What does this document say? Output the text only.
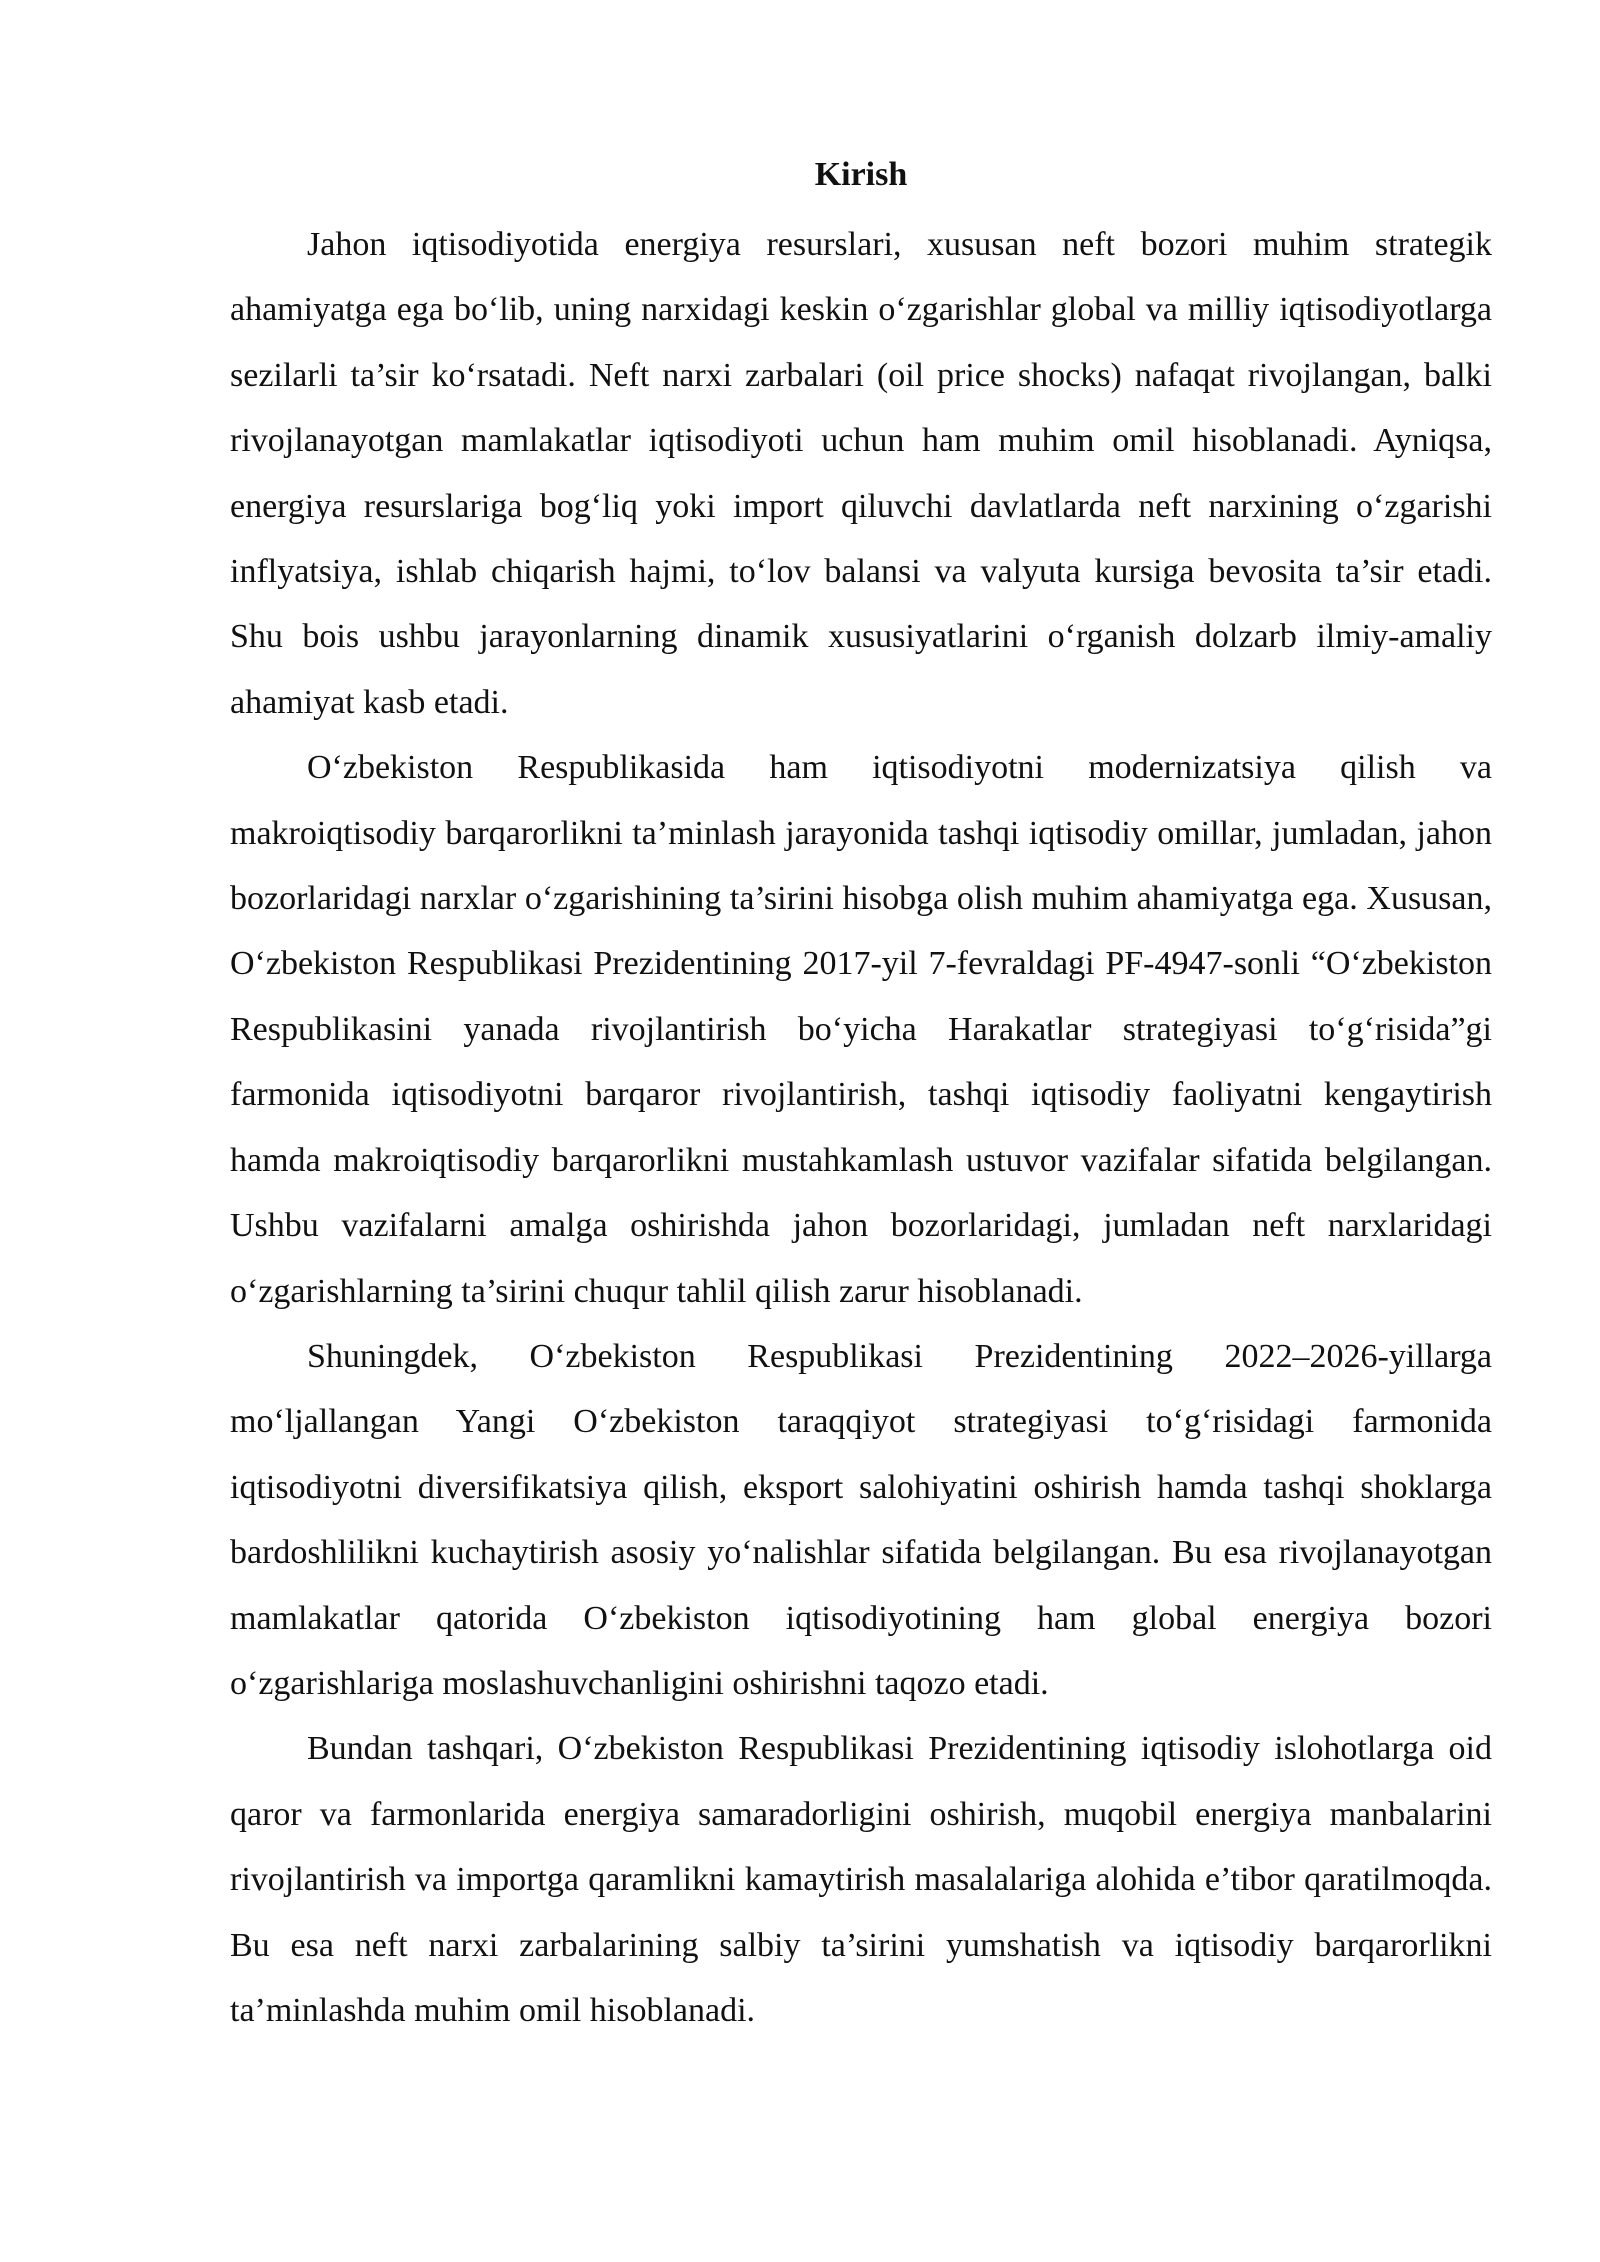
Kirish

Jahon iqtisodiyotida energiya resurslari, xususan neft bozori muhim strategik ahamiyatga ega bo‘lib, uning narxidagi keskin o‘zgarishlar global va milliy iqtisodiyotlarga sezilarli ta’sir ko‘rsatadi. Neft narxi zarbalari (oil price shocks) nafaqat rivojlangan, balki rivojlanayotgan mamlakatlar iqtisodiyoti uchun ham muhim omil hisoblanadi. Ayniqsa, energiya resurslariga bog‘liq yoki import qiluvchi davlatlarda neft narxining o‘zgarishi inflyatsiya, ishlab chiqarish hajmi, to‘lov balansi va valyuta kursiga bevosita ta’sir etadi. Shu bois ushbu jarayonlarning dinamik xususiyatlarini o‘rganish dolzarb ilmiy-amaliy ahamiyat kasb etadi.

O‘zbekiston Respublikasida ham iqtisodiyotni modernizatsiya qilish va makroiqtisodiy barqarorlikni ta’minlash jarayonida tashqi iqtisodiy omillar, jumladan, jahon bozorlaridagi narxlar o‘zgarishining ta’sirini hisobga olish muhim ahamiyatga ega. Xususan, O‘zbekiston Respublikasi Prezidentining 2017-yil 7-fevraldagi PF-4947-sonli “O‘zbekiston Respublikasini yanada rivojlantirish bo‘yicha Harakatlar strategiyasi to‘g‘risida”gi farmonida iqtisodiyotni barqaror rivojlantirish, tashqi iqtisodiy faoliyatni kengaytirish hamda makroiqtisodiy barqarorlikni mustahkamlash ustuvor vazifalar sifatida belgilangan. Ushbu vazifalarni amalga oshirishda jahon bozorlaridagi, jumladan neft narxlaridagi o‘zgarishlarning ta’sirini chuqur tahlil qilish zarur hisoblanadi.

Shuningdek, O‘zbekiston Respublikasi Prezidentining 2022–2026-yillarga mo‘ljallangan Yangi O‘zbekiston taraqqiyot strategiyasi to‘g‘risidagi farmonida iqtisodiyotni diversifikatsiya qilish, eksport salohiyatini oshirish hamda tashqi shoklarga bardoshlilikni kuchaytirish asosiy yo‘nalishlar sifatida belgilangan. Bu esa rivojlanayotgan mamlakatlar qatorida O‘zbekiston iqtisodiyotining ham global energiya bozori o‘zgarishlariga moslashuvchanligini oshirishni taqozo etadi.

Bundan tashqari, O‘zbekiston Respublikasi Prezidentining iqtisodiy islohotlarga oid qaror va farmonlarida energiya samaradorligini oshirish, muqobil energiya manbalarini rivojlantirish va importga qaramlikni kamaytirish masalalariga alohida e’tibor qaratilmoqda. Bu esa neft narxi zarbalarining salbiy ta’sirini yumshatish va iqtisodiy barqarorlikni ta’minlashda muhim omil hisoblanadi.
